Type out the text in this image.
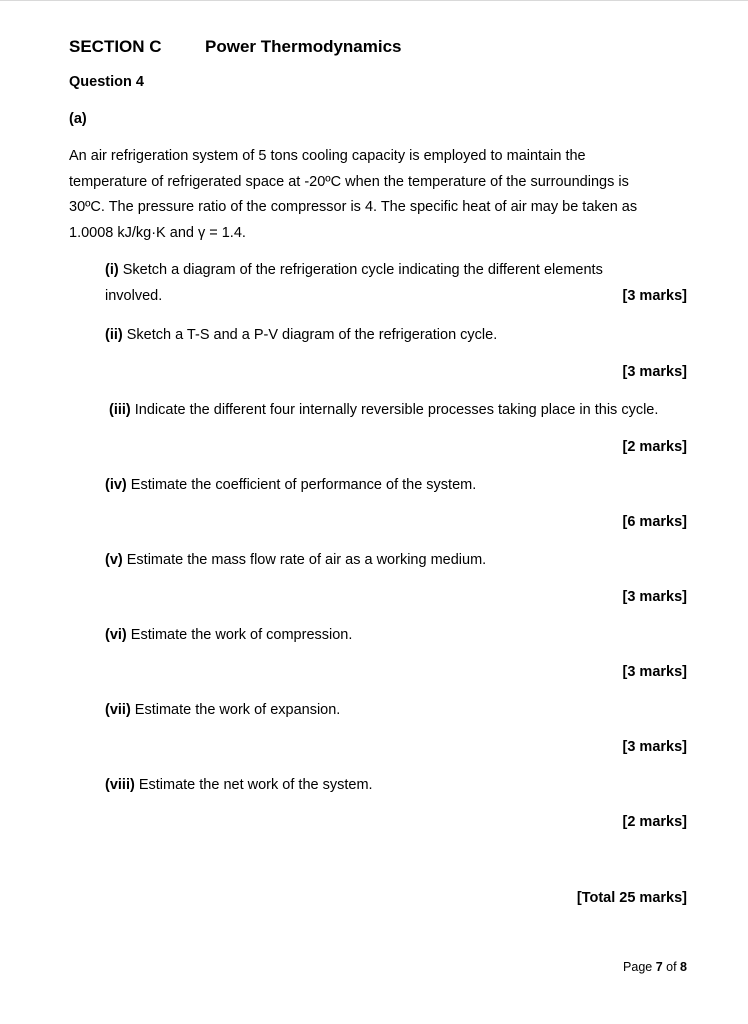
SECTION C	Power Thermodynamics
Question 4
(a)
An air refrigeration system of 5 tons cooling capacity is employed to maintain the
temperature of refrigerated space at -20ºC when the temperature of the surroundings is
30ºC. The pressure ratio of the compressor is 4. The specific heat of air may be taken as
1.0008 kJ/kg·K and γ = 1.4.
(i) Sketch a diagram of the refrigeration cycle indicating the different elements
involved.	[3 marks]
(ii) Sketch a T-S and a P-V diagram of the refrigeration cycle.
[3 marks]
(iii) Indicate the different four internally reversible processes taking place in this cycle.
[2 marks]
(iv) Estimate the coefficient of performance of the system.
[6 marks]
(v) Estimate the mass flow rate of air as a working medium.
[3 marks]
(vi) Estimate the work of compression.
[3 marks]
(vii) Estimate the work of expansion.
[3 marks]
(viii) Estimate the net work of the system.
[2 marks]
[Total 25 marks]
Page 7 of 8
